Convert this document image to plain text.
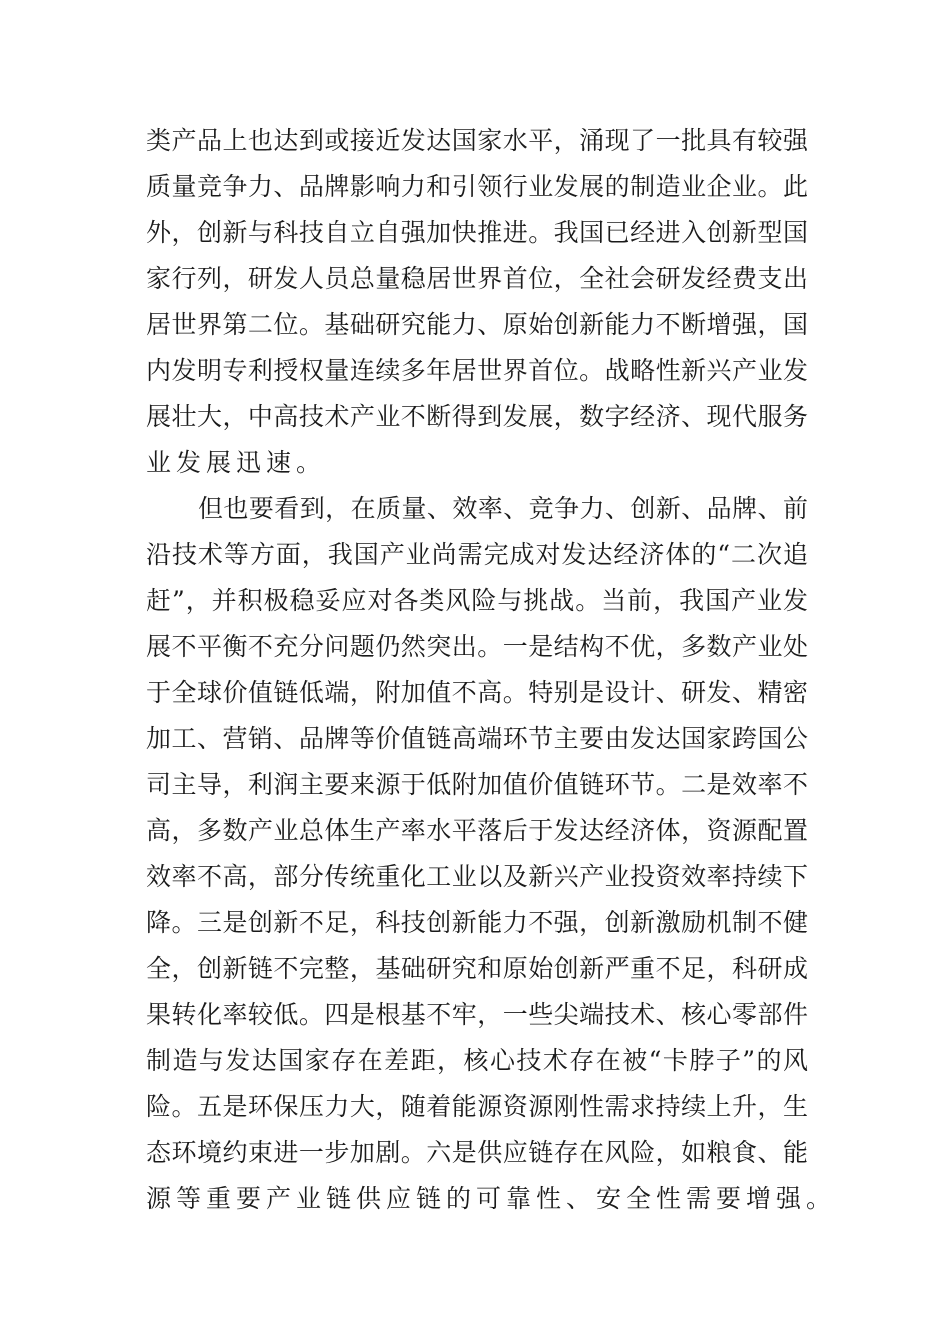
类产品上也达到或接近发达国家水平，涌现了一批具有较强
质量竞争力、品牌影响力和引领行业发展的制造业企业。此
外，创新与科技自立自强加快推进。我国已经进入创新型国
家行列，研发人员总量稳居世界首位，全社会研发经费支出
居世界第二位。基础研究能力、原始创新能力不断增强，国
内发明专利授权量连续多年居世界首位。战略性新兴产业发
展壮大，中高技术产业不断得到发展，数字经济、现代服务
业发展迅速。
但也要看到，在质量、效率、竞争力、创新、品牌、前
沿技术等方面，我国产业尚需完成对发达经济体的“二次追
赶”，并积极稳妥应对各类风险与挑战。当前，我国产业发
展不平衡不充分问题仍然突出。一是结构不优，多数产业处
于全球价值链低端，附加值不高。特别是设计、研发、精密
加工、营销、品牌等价值链高端环节主要由发达国家跨国公
司主导，利润主要来源于低附加值价值链环节。二是效率不
高，多数产业总体生产率水平落后于发达经济体，资源配置
效率不高，部分传统重化工业以及新兴产业投资效率持续下
降。三是创新不足，科技创新能力不强，创新激励机制不健
全，创新链不完整，基础研究和原始创新严重不足，科研成
果转化率较低。四是根基不牢，一些尖端技术、核心零部件
制造与发达国家存在差距，核心技术存在被“卡脖子”的风
险。五是环保压力大，随着能源资源刚性需求持续上升，生
态环境约束进一步加剧。六是供应链存在风险，如粮食、能
源等重要产业链供应链的可靠性、安全性需要增强。
